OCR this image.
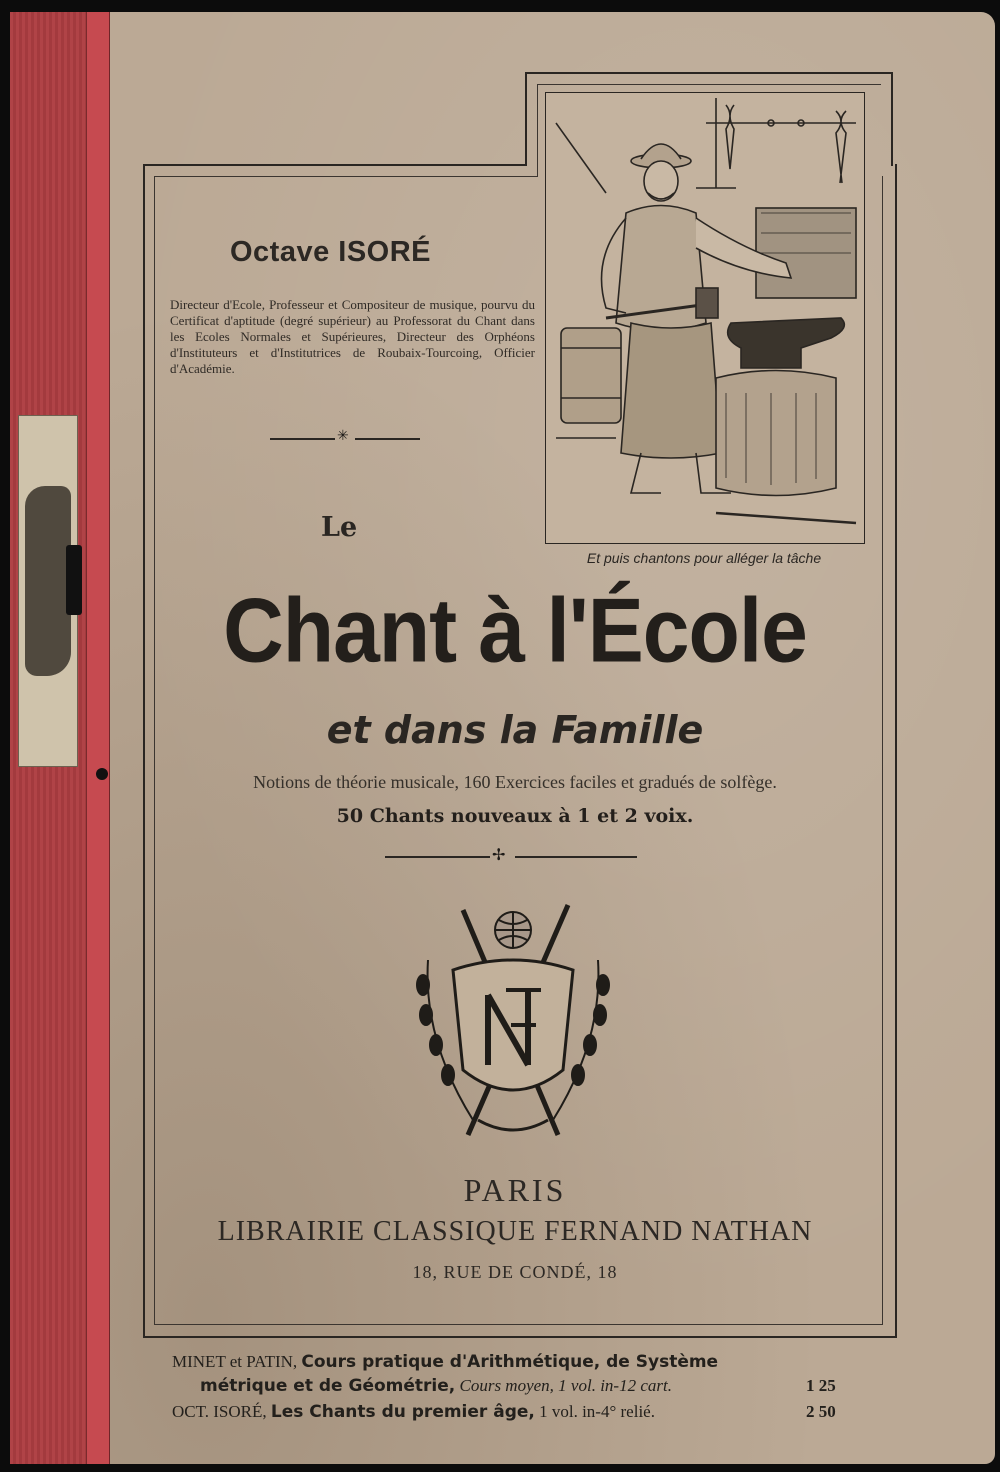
Et puis chantons pour alléger la tâche
Octave ISORÉ
Directeur d'Ecole, Professeur et Compositeur de musique, pourvu du Certificat d'aptitude (degré supérieur) au Professorat du Chant dans les Ecoles Normales et Supérieures, Directeur des Orphéons d'Instituteurs et d'Institutrices de Roubaix-Tourcoing, Officier d'Académie.
✳
Le
Chant à l'École
et dans la Famille
Notions de théorie musicale, 160 Exercices faciles et gradués de solfège.
50 Chants nouveaux à 1 et 2 voix.
✢
PARIS
LIBRAIRIE CLASSIQUE FERNAND NATHAN
18, RUE DE CONDÉ, 18
MINET et PATIN, Cours pratique d'Arithmétique, de Système
métrique et de Géométrie, Cours moyen, 1 vol. in-12 cart.	1 25
OCT. ISORÉ, Les Chants du premier âge, 1 vol. in-4° relié.	2 50
